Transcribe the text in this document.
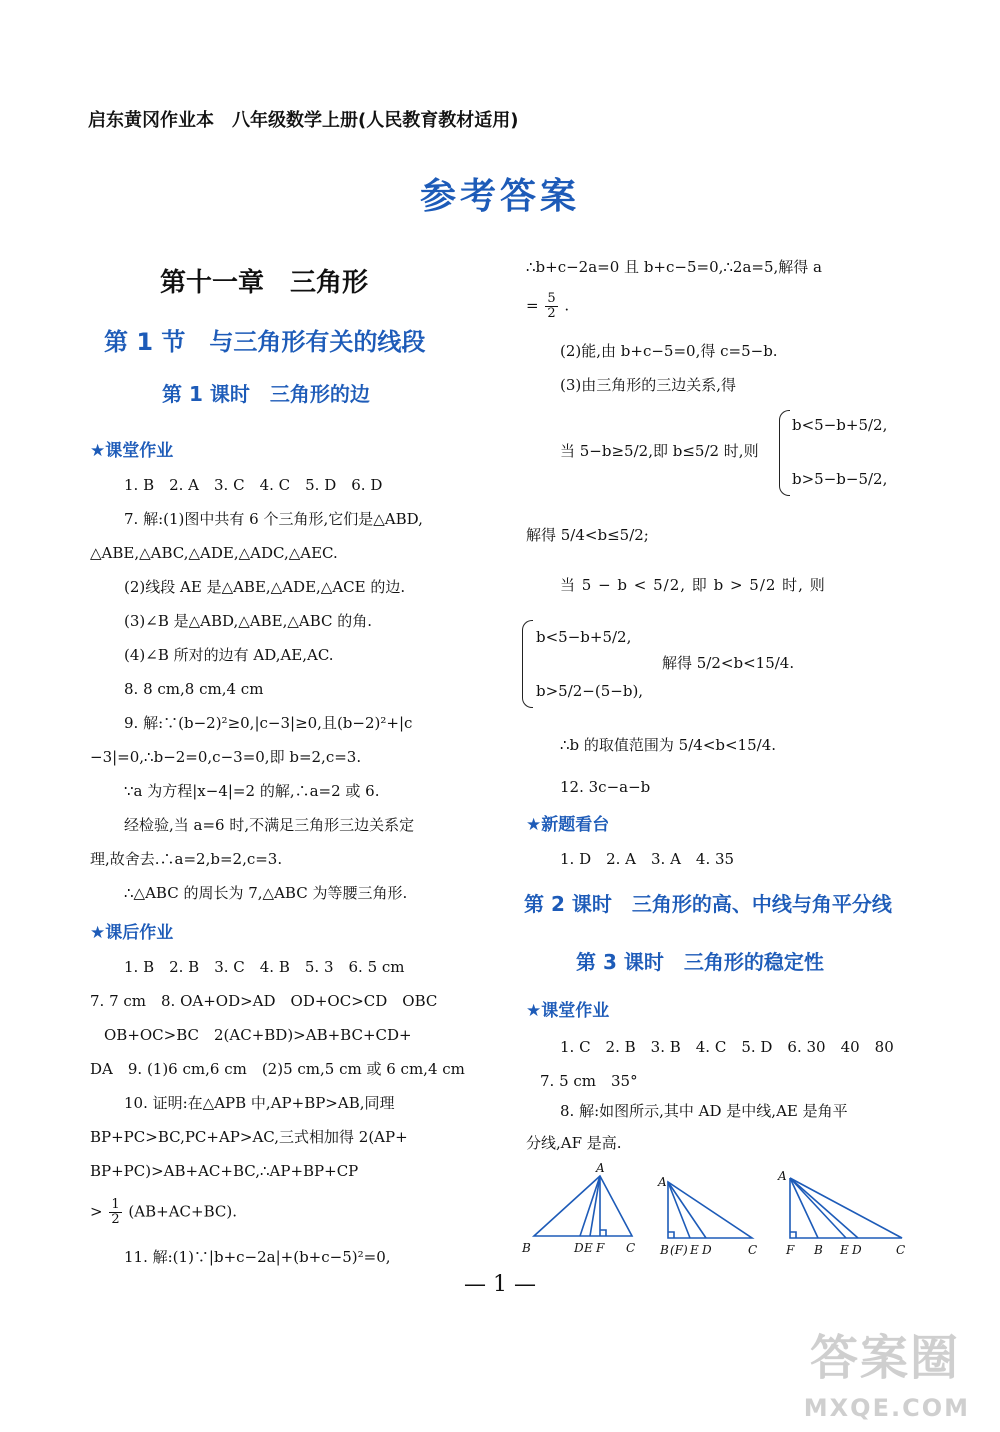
启东黄冈作业本　八年级数学上册(人民教育教材适用)
参考答案
第十一章　三角形
第 1 节　与三角形有关的线段
第 1 课时　三角形的边
★课堂作业
1. B　2. A　3. C　4. C　5. D　6. D
7. 解:(1)图中共有 6 个三角形,它们是△ABD,
△ABE,△ABC,△ADE,△ADC,△AEC.
(2)线段 AE 是△ABE,△ADE,△ACE 的边.
(3)∠B 是△ABD,△ABE,△ABC 的角.
(4)∠B 所对的边有 AD,AE,AC.
8. 8 cm,8 cm,4 cm
9. 解:∵(b−2)²≥0,|c−3|≥0,且(b−2)²+|c
−3|=0,∴b−2=0,c−3=0,即 b=2,c=3.
∵a 为方程|x−4|=2 的解,∴a=2 或 6.
经检验,当 a=6 时,不满足三角形三边关系定
理,故舍去.∴a=2,b=2,c=3.
∴△ABC 的周长为 7,△ABC 为等腰三角形.
★课后作业
1. B　2. B　3. C　4. B　5. 3　6. 5 cm
7. 7 cm　8. OA+OD>AD　OD+OC>CD　OBC
OB+OC>BC　2(AC+BD)>AB+BC+CD+
DA　9. (1)6 cm,6 cm　(2)5 cm,5 cm 或 6 cm,4 cm
10. 证明:在△APB 中,AP+BP>AB,同理
BP+PC>BC,PC+AP>AC,三式相加得 2(AP+
BP+PC)>AB+AC+BC,∴AP+BP+CP
> $\frac{1}{2} (AB+AC+BC)$.
11. 解:(1)∵|b+c−2a|+(b+c−5)²=0,
∴b+c−2a=0 且 b+c−5=0,∴2a=5,解得 a
= $\frac{5}{2}$ .
(2)能,由 b+c−5=0,得 c=5−b.
(3)由三角形的三边关系,得
当 5−b≥5/2,即 b≤5/2 时,则
b<5−b+5/2,
b>5−b−5/2,
解得 5/4<b≤5/2;
当 5 − b < 5/2, 即 b > 5/2 时, 则
b<5−b+5/2,
b>5/2−(5−b),
解得 5/2<b<15/4.
∴b 的取值范围为 5/4<b<15/4.
12. 3c−a−b
★新题看台
1. D　2. A　3. A　4. 35
第 2 课时　三角形的高、中线与角平分线
第 3 课时　三角形的稳定性
★课堂作业
1. C　2. B　3. B　4. C　5. D　6. 30　40　80
7. 5 cm　35°
8. 解:如图所示,其中 AD 是中线,AE 是角平
分线,AF 是高.
A
B	D E F C
A
B (F) E D	C
A
F B E D	C
— 1 —
答案圈
MXQE.COM
